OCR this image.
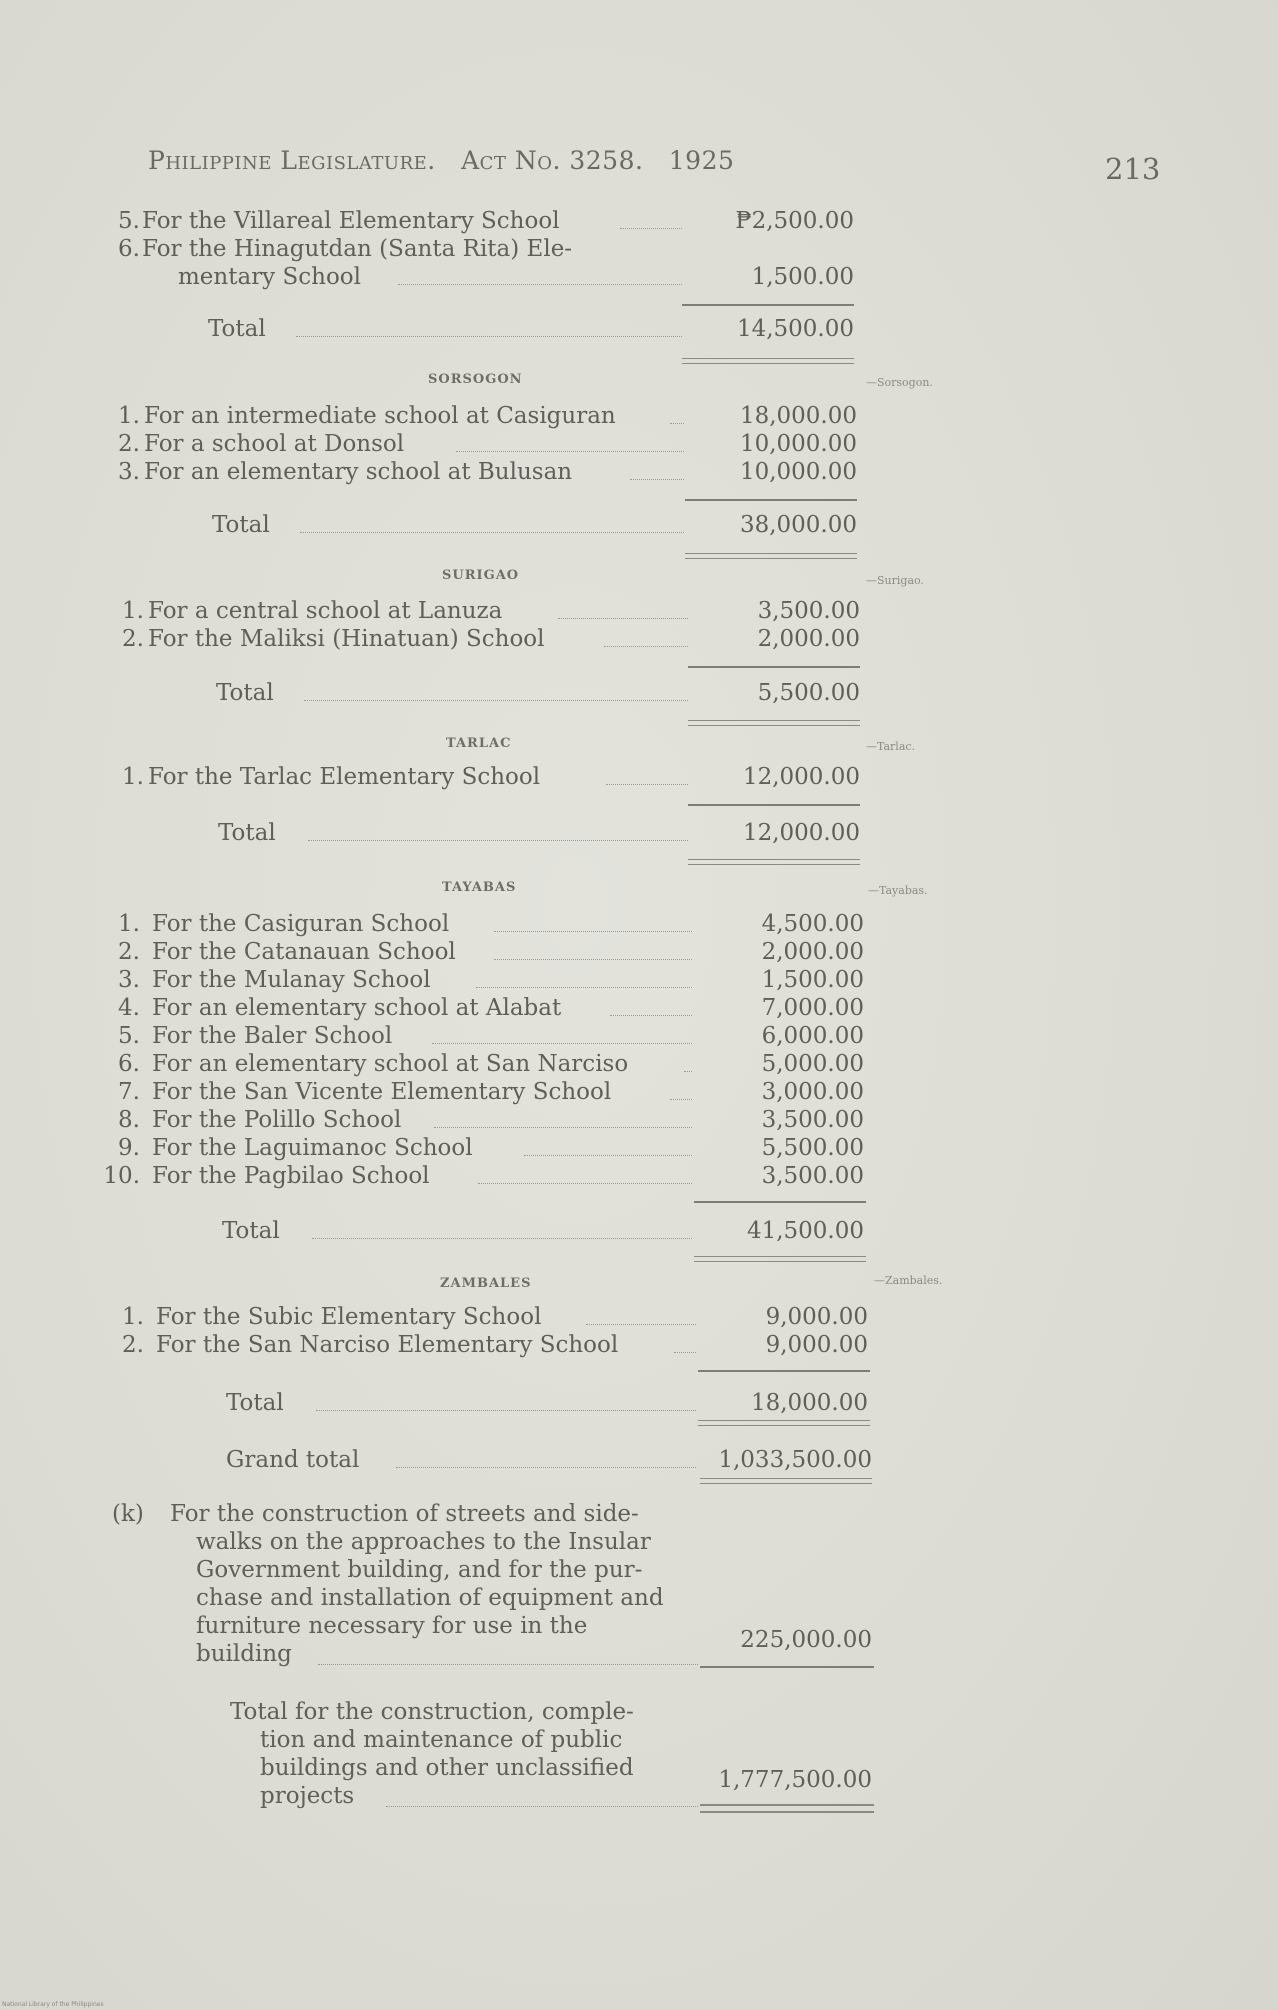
Philippine Legislature. Act No. 3258. 1925	213
5. For the Villareal Elementary School	₱2,500.00
6. For the Hinagutdan (Santa Rita) Ele-
mentary School	1,500.00
Total	14,500.00
SORSOGON	—Sorsogon.
1. For an intermediate school at Casiguran	18,000.00
2. For a school at Donsol	10,000.00
3. For an elementary school at Bulusan	10,000.00
Total	38,000.00
SURIGAO	—Surigao.
1. For a central school at Lanuza	3,500.00
2. For the Maliksi (Hinatuan) School	2,000.00
Total	5,500.00
TARLAC	—Tarlac.
1. For the Tarlac Elementary School	12,000.00
Total	12,000.00
TAYABAS	—Tayabas.
1. For the Casiguran School	4,500.00
2. For the Catanauan School	2,000.00
3. For the Mulanay School	1,500.00
4. For an elementary school at Alabat	7,000.00
5. For the Baler School	6,000.00
6. For an elementary school at San Narciso	5,000.00
7. For the San Vicente Elementary School	3,000.00
8. For the Polillo School	3,500.00
9. For the Laguimanoc School	5,500.00
10. For the Pagbilao School	3,500.00
Total	41,500.00
ZAMBALES	—Zambales.
1. For the Subic Elementary School	9,000.00
2. For the San Narciso Elementary School	9,000.00
Total	18,000.00
Grand total	1,033,500.00
(k) For the construction of streets and side-
walks on the approaches to the Insular
Government building, and for the pur-
chase and installation of equipment and
furniture necessary for use in the
building
225,000.00
Total for the construction, comple-
tion and maintenance of public
buildings and other unclassified
projects
1,777,500.00
National Library of the Philippines
